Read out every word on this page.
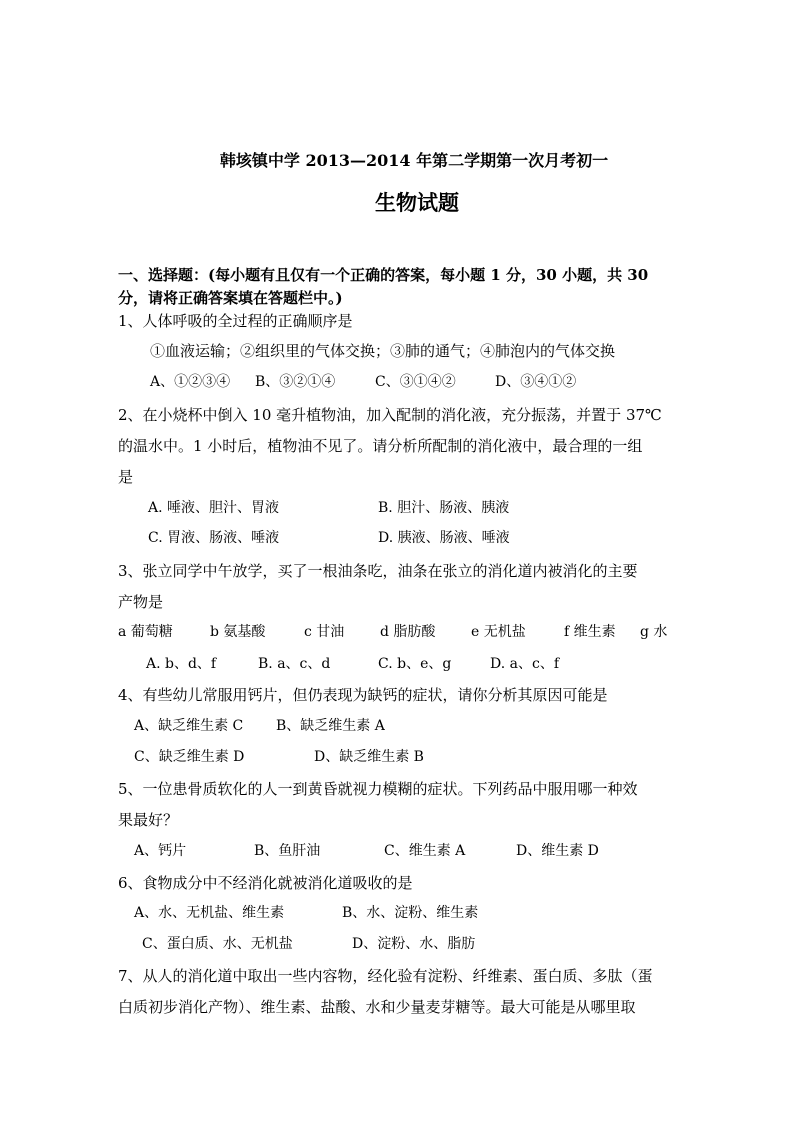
韩垓镇中学 2013—2014 年第二学期第一次月考初一
生物试题
一、选择题：(每小题有且仅有一个正确的答案，每小题 1 分，30 小题，共 30
分，请将正确答案填在答题栏中。)
1、人体呼吸的全过程的正确顺序是
①血液运输；②组织里的气体交换；③肺的通气；④肺泡内的气体交换
A、①②③④ B、③②①④	C、③①④②	D、③④①②
2、在小烧杯中倒入 10 毫升植物油，加入配制的消化液，充分振荡，并置于 37℃
的温水中。1 小时后，植物油不见了。请分析所配制的消化液中，最合理的一组
是
A. 唾液、胆汁、胃液	B. 胆汁、肠液、胰液
C. 胃液、肠液、唾液	D. 胰液、肠液、唾液
3、张立同学中午放学，买了一根油条吃，油条在张立的消化道内被消化的主要
产物是
a 葡萄糖	b 氨基酸	c 甘油	d 脂肪酸	e 无机盐	f 维生素 g 水
A. b、d、f	B. a、c、d	C. b、e、g	D. a、c、f
4、有些幼儿常服用钙片，但仍表现为缺钙的症状，请你分析其原因可能是
A、缺乏维生素 C B、缺乏维生素 A
C、缺乏维生素 D	D、缺乏维生素 B
5、一位患骨质软化的人一到黄昏就视力模糊的症状。下列药品中服用哪一种效
果最好？
A、钙片	B、鱼肝油	C、维生素 A	D、维生素 D
6、食物成分中不经消化就被消化道吸收的是
A、水、无机盐、维生素	B、水、淀粉、维生素
C、蛋白质、水、无机盐	D、淀粉、水、脂肪
7、从人的消化道中取出一些内容物，经化验有淀粉、纤维素、蛋白质、多肽（蛋
白质初步消化产物）、维生素、盐酸、水和少量麦芽糖等。最大可能是从哪里取
